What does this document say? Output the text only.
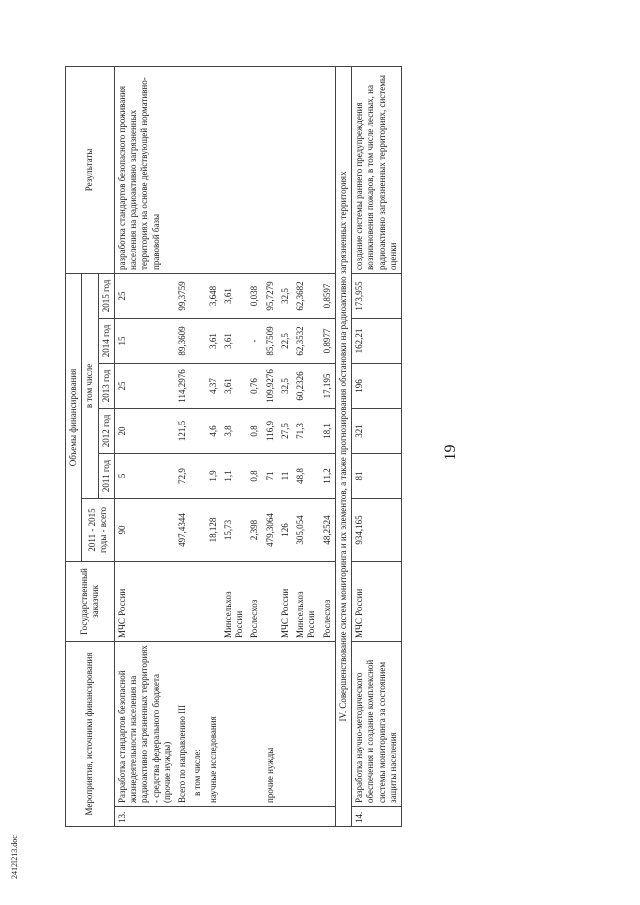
19
2412l213.doc
Мероприятия, источники финансирования		Государственный заказчик	Объемы финансирования						Результаты
			2011 - 2015 годы - всего	в том числе					
				2011 год	2012 год	2013 год	2014 год	2015 год	
13.	Разработка стандартов безопасной жизнедеятельности населения на радиоактивно загрязненных территориях - средства федерального бюджета (прочие нужды)	МЧС России	90	5	20	25	15	25	разработка стандартов безопасного проживания населения на радиоактивно загрязненных территориях на основе действующей нормативно-правовой базы
	Всего по направлению III		497,4344	72,9	121,5	114,2976	89,3609	99,3759	
	в том числе:								
	научные исследования		18,128	1,9	4,6	4,37	3,61	3,648	
		Минсельхоз России	15,73	1,1	3,8	3,61	3,61	3,61	
		Рослесхоз	2,398	0,8	0,8	0,76	-	0,038	
	прочие нужды		479,3064	71	116,9	109,9276	85,7509	95,7279	
		МЧС России	126	11	27,5	32,5	22,5	32,5	
		Минсельхоз России	305,054	48,8	71,3	60,2326	62,3532	62,3682	
		Рослесхоз	48,2524	11,2	18,1	17,195	0,8977	0,8597	
IV. Совершенствование систем мониторинга и их элементов, а также прогнозирования обстановки на радиоактивно загрязненных территориях									
14.	Разработка научно-методического обеспечения и создание комплексной системы мониторинга за состоянием защиты населения	МЧС России	934,165	81	321	196	162,21	173,955	создание системы раннего предупреждения возникновения пожаров, в том числе лесных, на радиоактивно загрязненных территориях, системы оценки
